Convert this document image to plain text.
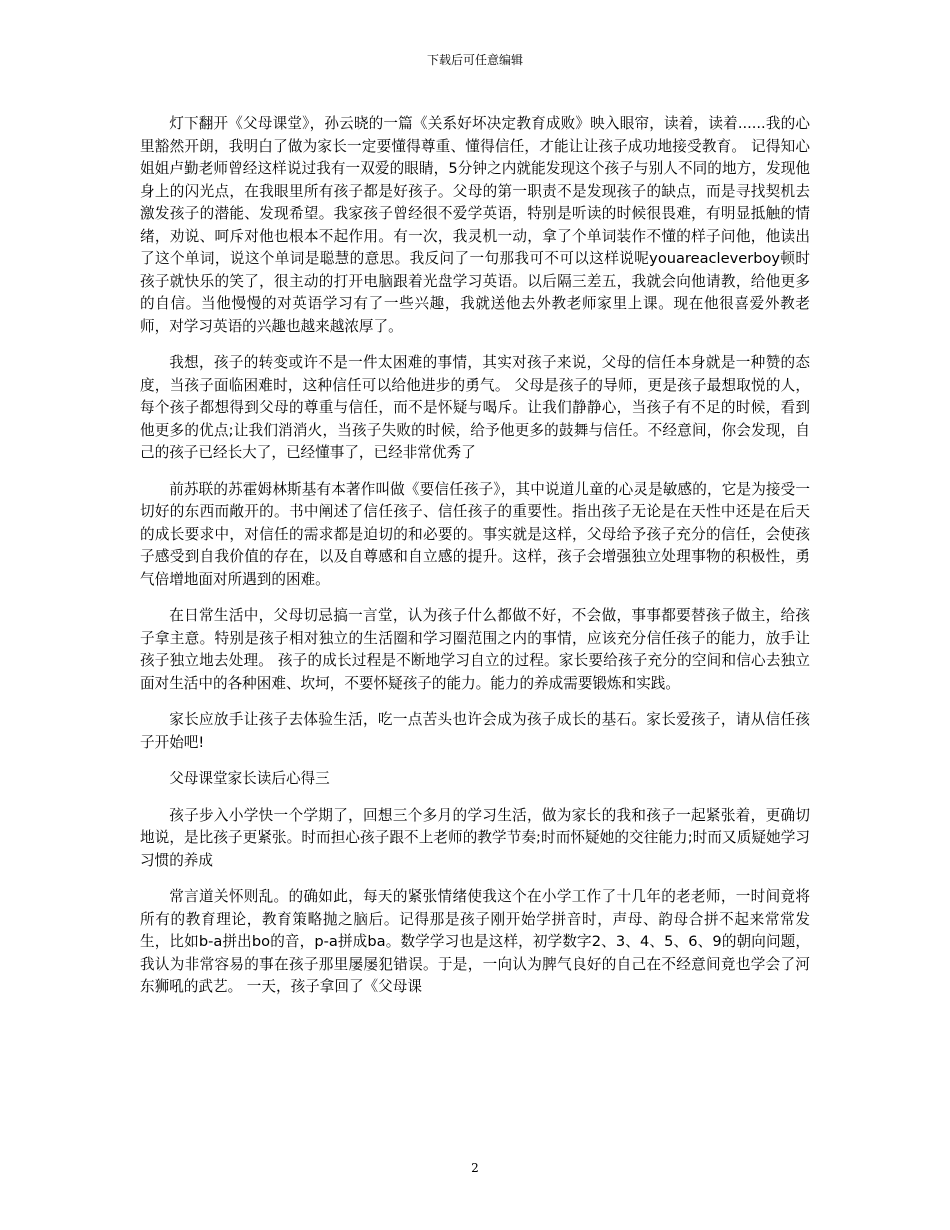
下载后可任意编辑

灯下翻开《父母课堂》，孙云晓的一篇《关系好坏决定教育成败》映入眼帘，读着，读着......我的心里豁然开朗，我明白了做为家长一定要懂得尊重、懂得信任，才能让让孩子成功地接受教育。 记得知心姐姐卢勤老师曾经这样说过我有一双爱的眼睛，5分钟之内就能发现这个孩子与别人不同的地方，发现他身上的闪光点，在我眼里所有孩子都是好孩子。父母的第一职责不是发现孩子的缺点，而是寻找契机去激发孩子的潜能、发现希望。我家孩子曾经很不爱学英语，特别是听读的时候很畏难，有明显抵触的情绪，劝说、呵斥对他也根本不起作用。有一次，我灵机一动，拿了个单词装作不懂的样子问他，他读出了这个单词，说这个单词是聪慧的意思。我反问了一句那我可不可以这样说呢youareacleverboy顿时孩子就快乐的笑了，很主动的打开电脑跟着光盘学习英语。以后隔三差五，我就会向他请教，给他更多的自信。当他慢慢的对英语学习有了一些兴趣，我就送他去外教老师家里上课。现在他很喜爱外教老师，对学习英语的兴趣也越来越浓厚了。

我想，孩子的转变或许不是一件太困难的事情，其实对孩子来说，父母的信任本身就是一种赞的态度，当孩子面临困难时，这种信任可以给他进步的勇气。 父母是孩子的导师，更是孩子最想取悦的人，每个孩子都想得到父母的尊重与信任，而不是怀疑与喝斥。让我们静静心，当孩子有不足的时候，看到他更多的优点;让我们消消火，当孩子失败的时候，给予他更多的鼓舞与信任。不经意间，你会发现，自己的孩子已经长大了，已经懂事了，已经非常优秀了

前苏联的苏霍姆林斯基有本著作叫做《要信任孩子》，其中说道儿童的心灵是敏感的，它是为接受一切好的东西而敞开的。书中阐述了信任孩子、信任孩子的重要性。指出孩子无论是在天性中还是在后天的成长要求中，对信任的需求都是迫切的和必要的。事实就是这样，父母给予孩子充分的信任，会使孩子感受到自我价值的存在，以及自尊感和自立感的提升。这样，孩子会增强独立处理事物的积极性，勇气倍增地面对所遇到的困难。

在日常生活中，父母切忌搞一言堂，认为孩子什么都做不好，不会做，事事都要替孩子做主，给孩子拿主意。特别是孩子相对独立的生活圈和学习圈范围之内的事情，应该充分信任孩子的能力，放手让孩子独立地去处理。 孩子的成长过程是不断地学习自立的过程。家长要给孩子充分的空间和信心去独立面对生活中的各种困难、坎坷，不要怀疑孩子的能力。能力的养成需要锻炼和实践。

家长应放手让孩子去体验生活，吃一点苦头也许会成为孩子成长的基石。家长爱孩子，请从信任孩子开始吧!

父母课堂家长读后心得三

孩子步入小学快一个学期了，回想三个多月的学习生活，做为家长的我和孩子一起紧张着，更确切地说，是比孩子更紧张。时而担心孩子跟不上老师的教学节奏;时而怀疑她的交往能力;时而又质疑她学习习惯的养成

常言道关怀则乱。的确如此，每天的紧张情绪使我这个在小学工作了十几年的老老师，一时间竟将所有的教育理论，教育策略抛之脑后。记得那是孩子刚开始学拼音时，声母、韵母合拼不起来常常发生，比如b-a拼出bo的音，p-a拼成ba。数学学习也是这样，初学数字2、3、4、5、6、9的朝向问题，我认为非常容易的事在孩子那里屡屡犯错误。于是，一向认为脾气良好的自己在不经意间竟也学会了河东狮吼的武艺。 一天，孩子拿回了《父母课

2
